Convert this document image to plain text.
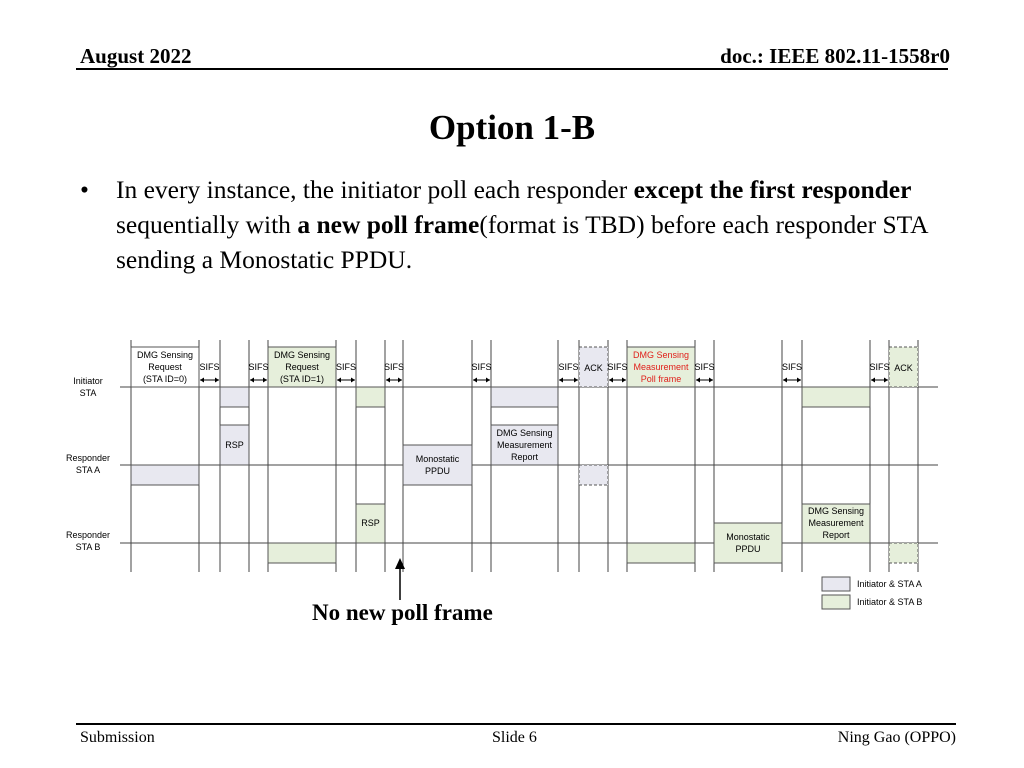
August 2022	doc.: IEEE 802.11-1558r0
Option 1-B
• In every instance, the initiator poll each responder except the first responder sequentially with a new poll frame(format is TBD) before each responder STA sending a Monostatic PPDU.
Initiator
STA
Responder
STA A
Responder
STA B
DMG Sensing
Request
(STA ID=0)
DMG Sensing
Request
(STA ID=1)
RSP
RSP
Monostatic
PPDU
DMG Sensing
Measurement
Report
DMG Sensing
Measurement
Poll frame
Monostatic
PPDU
DMG Sensing
Measurement
Report
ACK	ACK
SIFS	SIFS	SIFS	SIFS	SIFS	SIFS	SIFS	SIFS	SIFS	SIFS
Initiator & STA A
Initiator & STA B
No new poll frame
Submission	Slide 6	Ning Gao (OPPO)
